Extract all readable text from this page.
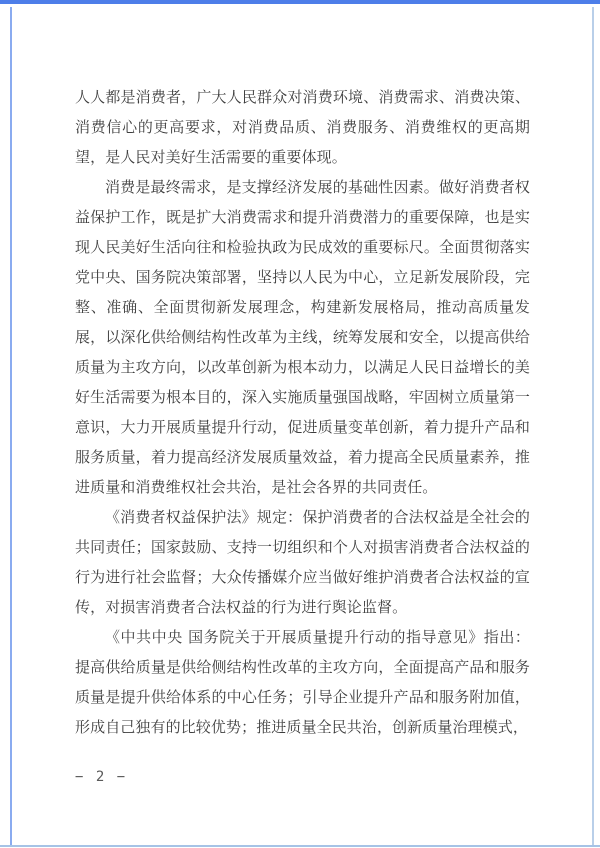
人人都是消费者，广大人民群众对消费环境、消费需求、消费决策、消费信心的更高要求，对消费品质、消费服务、消费维权的更高期望，是人民对美好生活需要的重要体现。

消费是最终需求，是支撑经济发展的基础性因素。做好消费者权益保护工作，既是扩大消费需求和提升消费潜力的重要保障，也是实现人民美好生活向往和检验执政为民成效的重要标尺。全面贯彻落实党中央、国务院决策部署，坚持以人民为中心，立足新发展阶段，完整、准确、全面贯彻新发展理念，构建新发展格局，推动高质量发展，以深化供给侧结构性改革为主线，统筹发展和安全，以提高供给质量为主攻方向，以改革创新为根本动力，以满足人民日益增长的美好生活需要为根本目的，深入实施质量强国战略，牢固树立质量第一意识，大力开展质量提升行动，促进质量变革创新，着力提升产品和服务质量，着力提高经济发展质量效益，着力提高全民质量素养，推进质量和消费维权社会共治，是社会各界的共同责任。

《消费者权益保护法》规定：保护消费者的合法权益是全社会的共同责任；国家鼓励、支持一切组织和个人对损害消费者合法权益的行为进行社会监督；大众传播媒介应当做好维护消费者合法权益的宣传，对损害消费者合法权益的行为进行舆论监督。

《中共中央 国务院关于开展质量提升行动的指导意见》指出：提高供给质量是供给侧结构性改革的主攻方向，全面提高产品和服务质量是提升供给体系的中心任务；引导企业提升产品和服务附加值，形成自己独有的比较优势；推进质量全民共治，创新质量治理模式，

− 2 −
